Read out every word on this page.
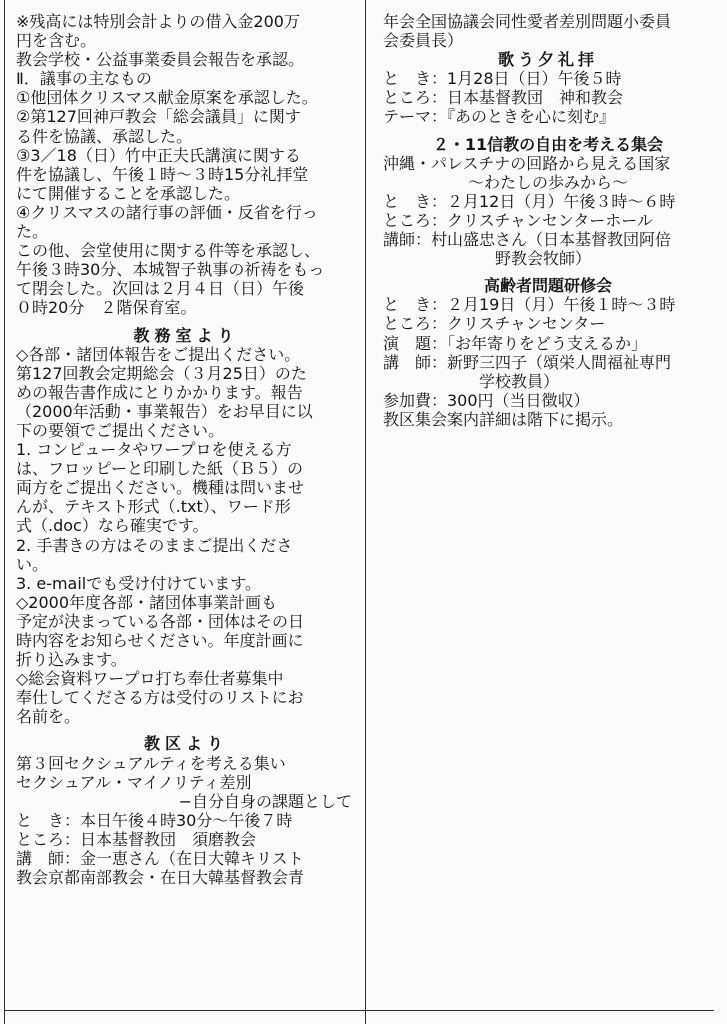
※残高には特別会計よりの借入金200万
円を含む。
教会学校・公益事業委員会報告を承認。
Ⅱ．議事の主なもの
①他団体クリスマス献金原案を承認した。
②第127回神戸教会「総会議員」に関す
る件を協議、承認した。
③3／18（日）竹中正夫氏講演に関する
件を協議し、午後１時〜３時15分礼拝堂
にて開催することを承認した。
④クリスマスの諸行事の評価・反省を行っ
た。
この他、会堂使用に関する件等を承認し、
午後３時30分、本城智子執事の祈祷をもっ
て閉会した。次回は２月４日（日）午後
０時20分　２階保育室。
教務室より
◇各部・諸団体報告をご提出ください。
第127回教会定期総会（３月25日）のた
めの報告書作成にとりかかります。報告
（2000年活動・事業報告）をお早目に以
下の要領でご提出ください。
1. コンピュータやワープロを使える方
は、フロッピーと印刷した紙（Ｂ５）の
両方をご提出ください。機種は問いませ
んが、テキスト形式（.txt）、ワード形
式（.doc）なら確実です。
2. 手書きの方はそのままご提出くださ
い。
3. e-mailでも受け付けています。
◇2000年度各部・諸団体事業計画も
予定が決まっている各部・団体はその日
時内容をお知らせください。年度計画に
折り込みます。
◇総会資料ワープロ打ち奉仕者募集中
奉仕してくださる方は受付のリストにお
名前を。
教区より
第３回セクシュアルティを考える集い
セクシュアル・マイノリティ差別
−自分自身の課題として
と　き：本日午後４時30分〜午後７時
ところ：日本基督教団　須磨教会
講　師：金一恵さん（在日大韓キリスト
教会京都南部教会・在日大韓基督教会青
年会全国協議会同性愛者差別問題小委員
会委員長）
歌う夕礼拝
と　き：1月28日（日）午後５時
ところ：日本基督教団　神和教会
テーマ：『あのときを心に刻む』
２・11信教の自由を考える集会
沖縄・パレスチナの回路から見える国家
〜わたしの歩みから〜
と　き：２月12日（月）午後３時〜６時
ところ：クリスチャンセンターホール
講師：村山盛忠さん（日本基督教団阿倍
野教会牧師）
高齢者問題研修会
と　き：２月19日（月）午後１時〜３時
ところ：クリスチャンセンター
演　題：「お年寄りをどう支えるか」
講　師：新野三四子（頌栄人間福祉専門
学校教員）
参加費：300円（当日徴収）
教区集会案内詳細は階下に掲示。
